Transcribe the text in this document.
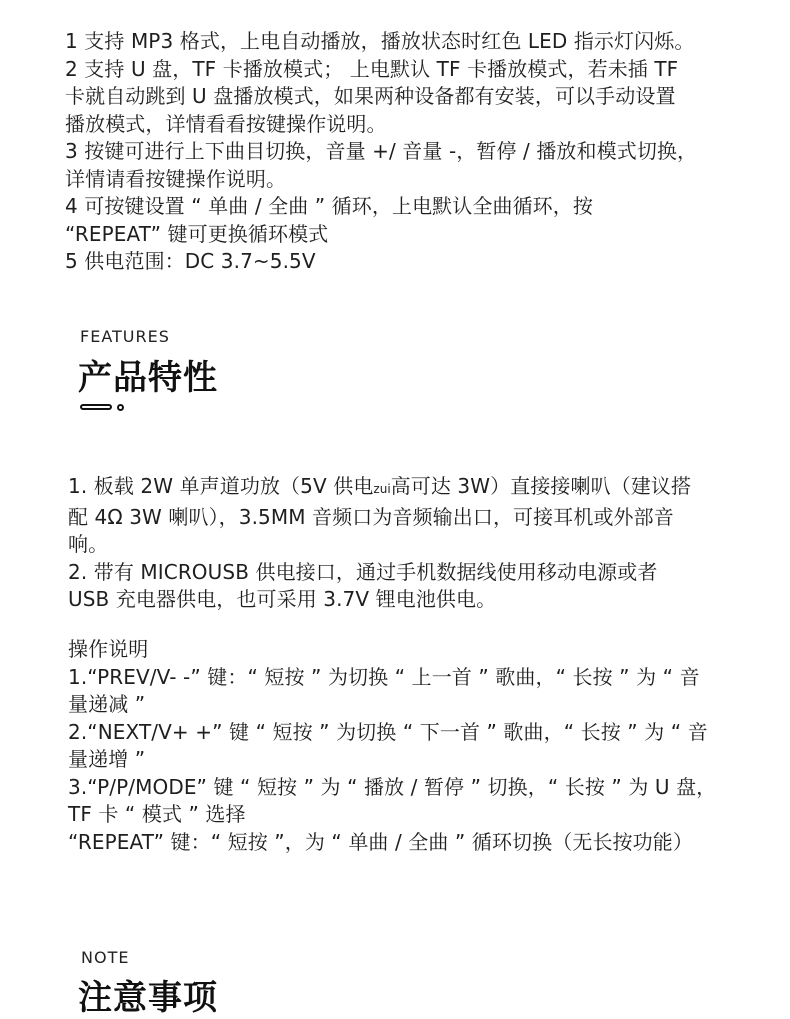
1 支持 MP3 格式，上电自动播放，播放状态时红色 LED 指示灯闪烁。
2 支持 U 盘，TF 卡播放模式； 上电默认 TF 卡播放模式，若未插 TF
卡就自动跳到 U 盘播放模式，如果两种设备都有安装，可以手动设置
播放模式，详情看看按键操作说明。
3 按键可进行上下曲目切换，音量 +/ 音量 -，暂停 / 播放和模式切换，
详情请看按键操作说明。
4 可按键设置 “ 单曲 / 全曲 ” 循环，上电默认全曲循环，按
“REPEAT” 键可更换循环模式
5 供电范围：DC 3.7~5.5V
FEATURES
产品特性
1. 板载 2W 单声道功放（5V 供电zui高可达 3W）直接接喇叭（建议搭
配 4Ω 3W 喇叭），3.5MM 音频口为音频输出口，可接耳机或外部音
响。
2. 带有 MICROUSB 供电接口，通过手机数据线使用移动电源或者
USB 充电器供电，也可采用 3.7V 锂电池供电。
操作说明
1.“PREV/V- -” 键：“ 短按 ” 为切换 “ 上一首 ” 歌曲，“ 长按 ” 为 “ 音
量递减 ”
2.“NEXT/V+ +” 键 “ 短按 ” 为切换 “ 下一首 ” 歌曲，“ 长按 ” 为 “ 音
量递增 ”
3.“P/P/MODE” 键 “ 短按 ” 为 “ 播放 / 暂停 ” 切换，“ 长按 ” 为 U 盘，
TF 卡 “ 模式 ” 选择
“REPEAT” 键：“ 短按 ”，为 “ 单曲 / 全曲 ” 循环切换（无长按功能）
NOTE
注意事项
